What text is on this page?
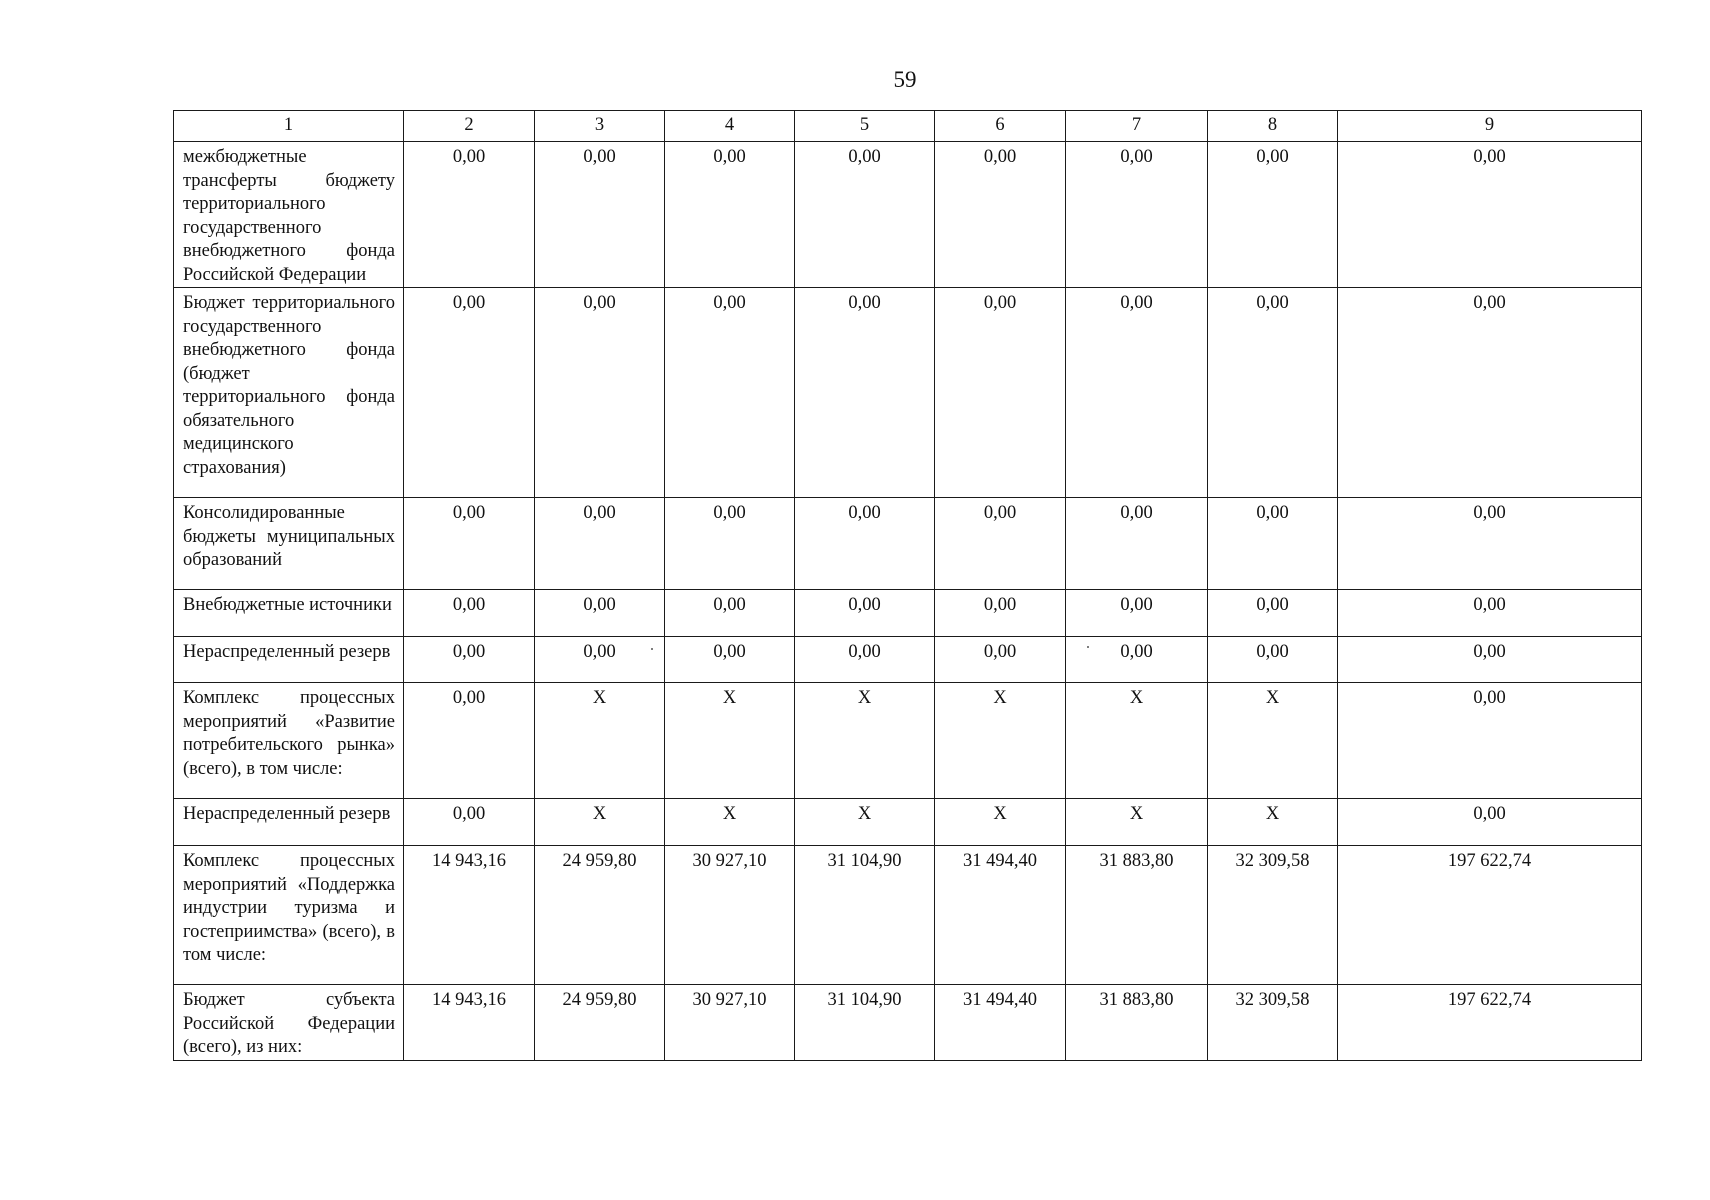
59
1	2	3	4	5	6	7	8	9
межбюджетные трансферты бюджету территориального государственного внебюджетного фонда Российской Федерации	0,00	0,00	0,00	0,00	0,00	0,00	0,00	0,00
Бюджет территориального государственного внебюджетного фонда (бюджет территориального фонда обязательного медицинского страхования)	0,00	0,00	0,00	0,00	0,00	0,00	0,00	0,00
Консолидированные бюджеты муниципальных образований	0,00	0,00	0,00	0,00	0,00	0,00	0,00	0,00
Внебюджетные источники	0,00	0,00	0,00	0,00	0,00	0,00	0,00	0,00
Нераспределенный резерв	0,00	0,00	0,00	0,00	0,00	0,00	0,00	0,00
Комплекс процессных мероприятий «Развитие потребительского рынка» (всего), в том числе:	0,00	X	X	X	X	X	X	0,00
Нераспределенный резерв	0,00	X	X	X	X	X	X	0,00
Комплекс процессных мероприятий «Поддержка индустрии туризма и гостеприимства» (всего), в том числе:	14 943,16	24 959,80	30 927,10	31 104,90	31 494,40	31 883,80	32 309,58	197 622,74
Бюджет субъекта Российской Федерации (всего), из них:	14 943,16	24 959,80	30 927,10	31 104,90	31 494,40	31 883,80	32 309,58	197 622,74
